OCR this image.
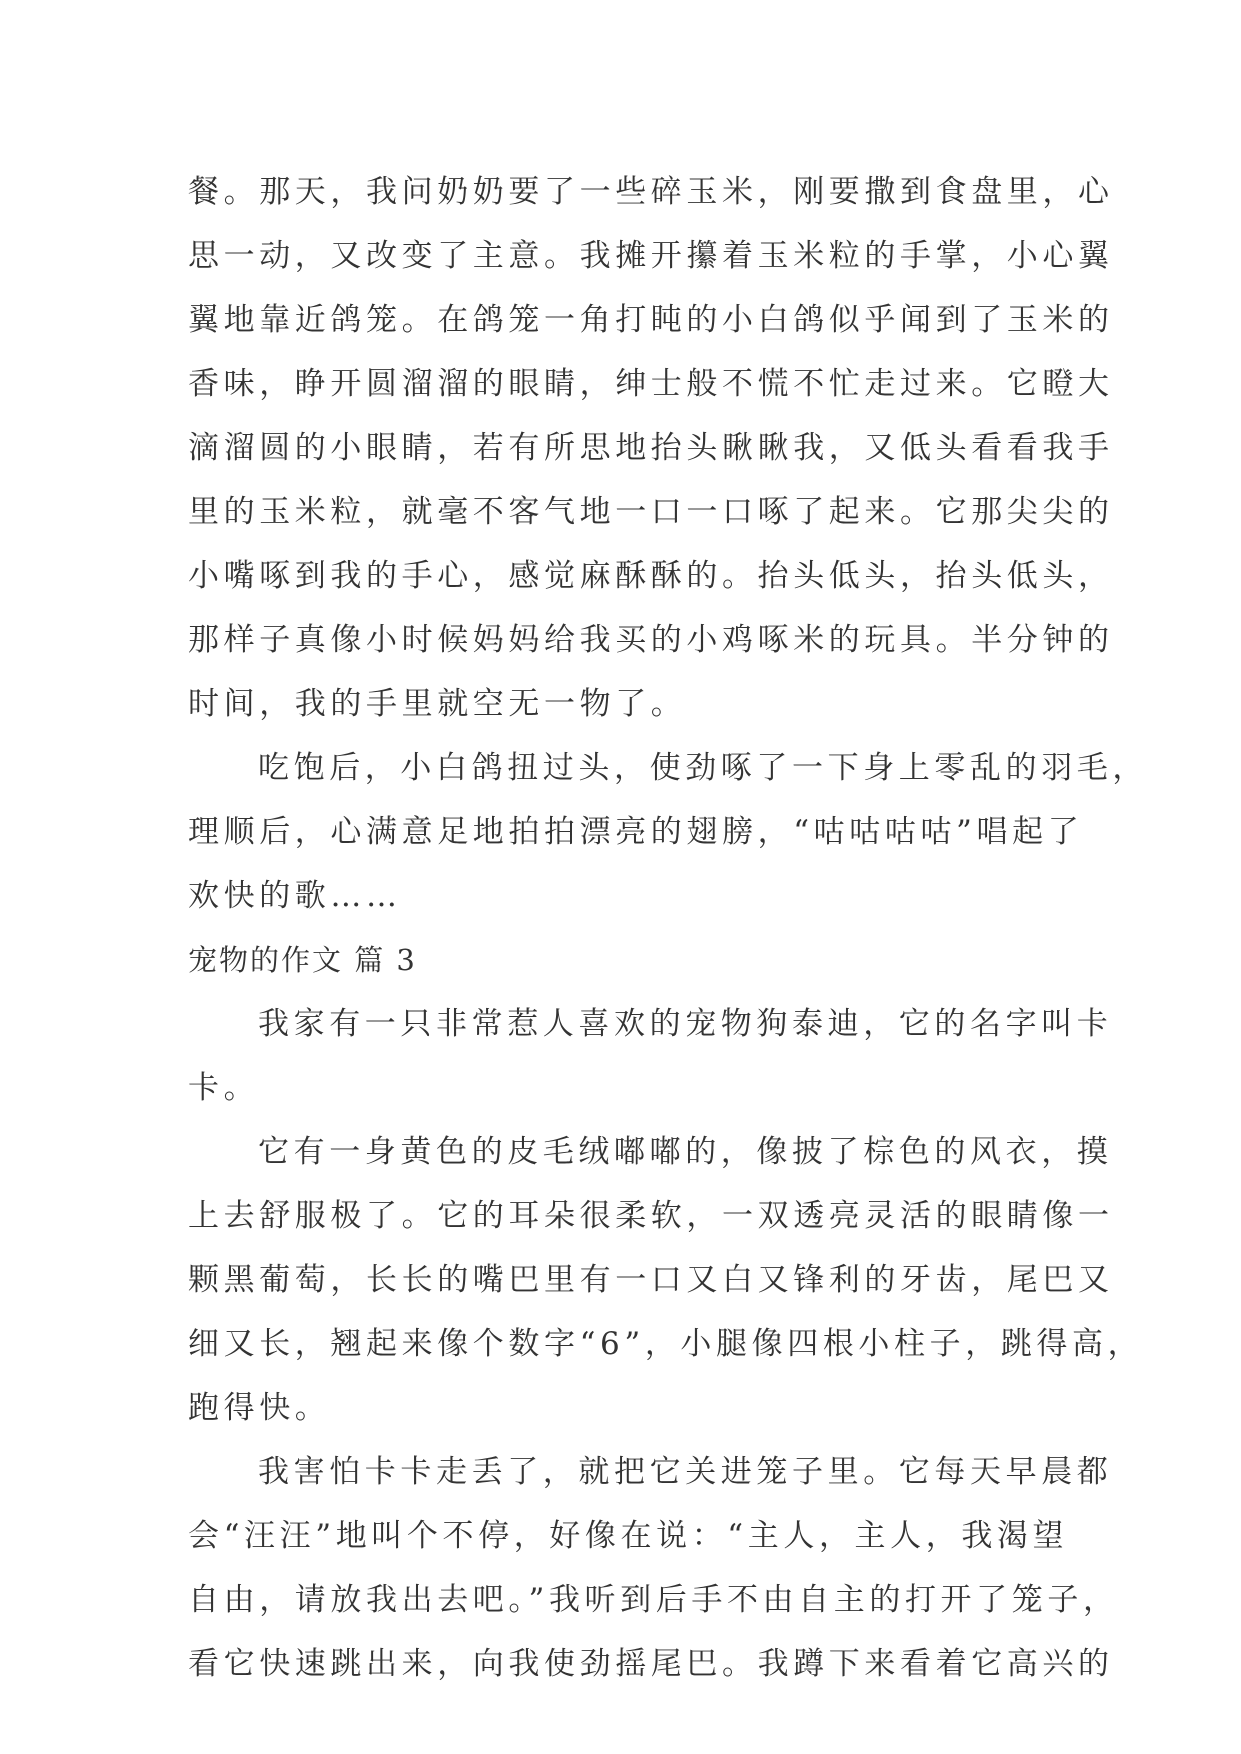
餐。那天，我问奶奶要了一些碎玉米，刚要撒到食盘里，心
思一动，又改变了主意。我摊开攥着玉米粒的手掌，小心翼
翼地靠近鸽笼。在鸽笼一角打盹的小白鸽似乎闻到了玉米的
香味，睁开圆溜溜的眼睛，绅士般不慌不忙走过来。它瞪大
滴溜圆的小眼睛，若有所思地抬头瞅瞅我，又低头看看我手
里的玉米粒，就毫不客气地一口一口啄了起来。它那尖尖的
小嘴啄到我的手心，感觉麻酥酥的。抬头低头，抬头低头，
那样子真像小时候妈妈给我买的小鸡啄米的玩具。半分钟的
时间，我的手里就空无一物了。
吃饱后，小白鸽扭过头，使劲啄了一下身上零乱的羽毛，
理顺后，心满意足地拍拍漂亮的翅膀，“咕咕咕咕”唱起了
欢快的歌……
宠物的作文 篇 3
我家有一只非常惹人喜欢的宠物狗泰迪，它的名字叫卡
卡。
它有一身黄色的皮毛绒嘟嘟的，像披了棕色的风衣，摸
上去舒服极了。它的耳朵很柔软，一双透亮灵活的眼睛像一
颗黑葡萄，长长的嘴巴里有一口又白又锋利的牙齿，尾巴又
细又长，翘起来像个数字“6”，小腿像四根小柱子，跳得高，
跑得快。
我害怕卡卡走丢了，就把它关进笼子里。它每天早晨都
会“汪汪”地叫个不停，好像在说：“主人，主人，我渴望
自由，请放我出去吧。”我听到后手不由自主的打开了笼子，
看它快速跳出来，向我使劲摇尾巴。我蹲下来看着它高兴的
